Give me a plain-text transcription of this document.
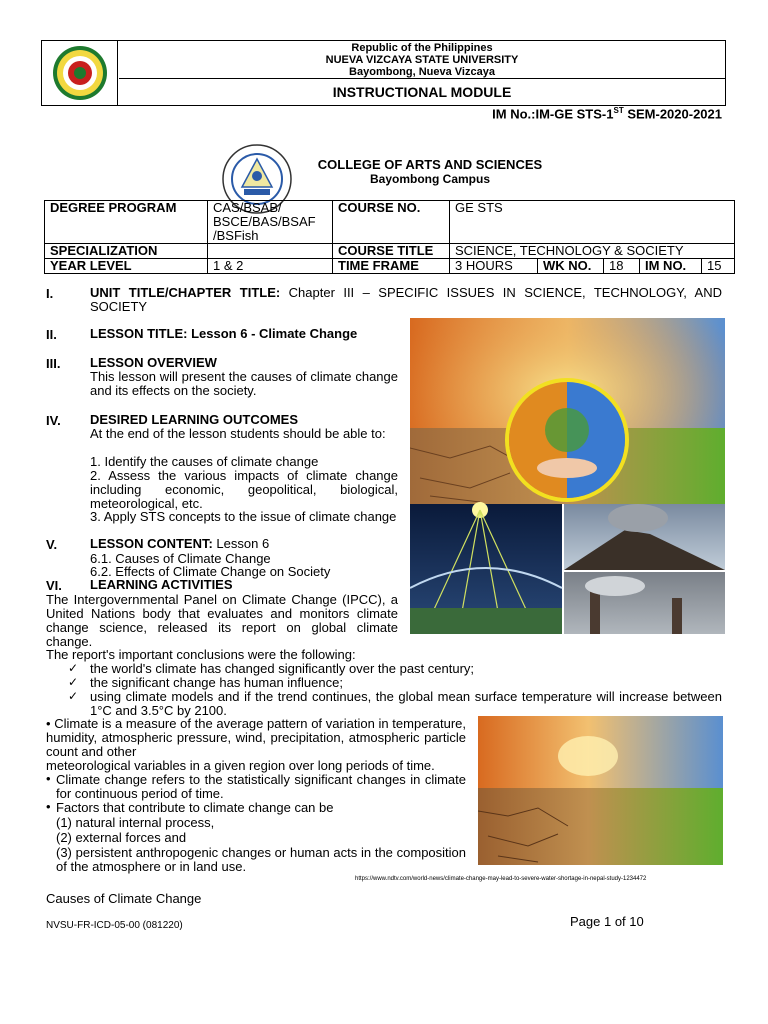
Republic of the Philippines
NUEVA VIZCAYA STATE UNIVERSITY
Bayombong, Nueva Vizcaya
INSTRUCTIONAL MODULE
IM No.:IM-GE STS-1ST SEM-2020-2021
COLLEGE OF ARTS AND SCIENCES
Bayombong Campus
DEGREE PROGRAM	CAS/BSAB/ BSCE/BAS/BSAF /BSFish	COURSE NO.	GE STS				
SPECIALIZATION		COURSE TITLE	SCIENCE, TECHNOLOGY & SOCIETY				
YEAR LEVEL	1 & 2	TIME FRAME	3 HOURS	WK NO.	18	IM NO.	15
I.	UNIT TITLE/CHAPTER TITLE: Chapter III – SPECIFIC ISSUES IN SCIENCE, TECHNOLOGY, AND SOCIETY
II.	LESSON TITLE: Lesson 6 - Climate Change
III. LESSON OVERVIEW
This lesson will present the causes of climate change and its effects on the society.
IV. DESIRED LEARNING OUTCOMES
At the end of the lesson students should be able to:
1. Identify the causes of climate change
2. Assess the various impacts of climate change including economic, geopolitical, biological, meteorological, etc.
3. Apply STS concepts to the issue of climate change
V.	LESSON CONTENT: Lesson 6
6.1. Causes of Climate Change
6.2. Effects of Climate Change on Society
VI. LEARNING ACTIVITIES
The Intergovernmental Panel on Climate Change (IPCC), a United Nations body that evaluates and monitors climate change science, released its report on global climate change.
The report's important conclusions were the following:
✓ the world's climate has changed significantly over the past century;
✓ the significant change has human influence;
✓ using climate models and if the trend continues, the global mean surface temperature will increase between 1°C and 3.5°C by 2100.
• Climate is a measure of the average pattern of variation in temperature, humidity, atmospheric pressure, wind, precipitation, atmospheric particle count and other
meteorological variables in a given region over long periods of time.
• Climate change refers to the statistically significant changes in climate for continuous period of time.
• Factors that contribute to climate change can be
(1) natural internal process,
(2) external forces and
(3) persistent anthropogenic changes or human acts in the composition of the atmosphere or in land use.
https://www.ndtv.com/world-news/climate-change-may-lead-to-severe-water-shortage-in-nepal-study-1234472
Causes of Climate Change
NVSU-FR-ICD-05-00 (081220)	Page 1 of 10
